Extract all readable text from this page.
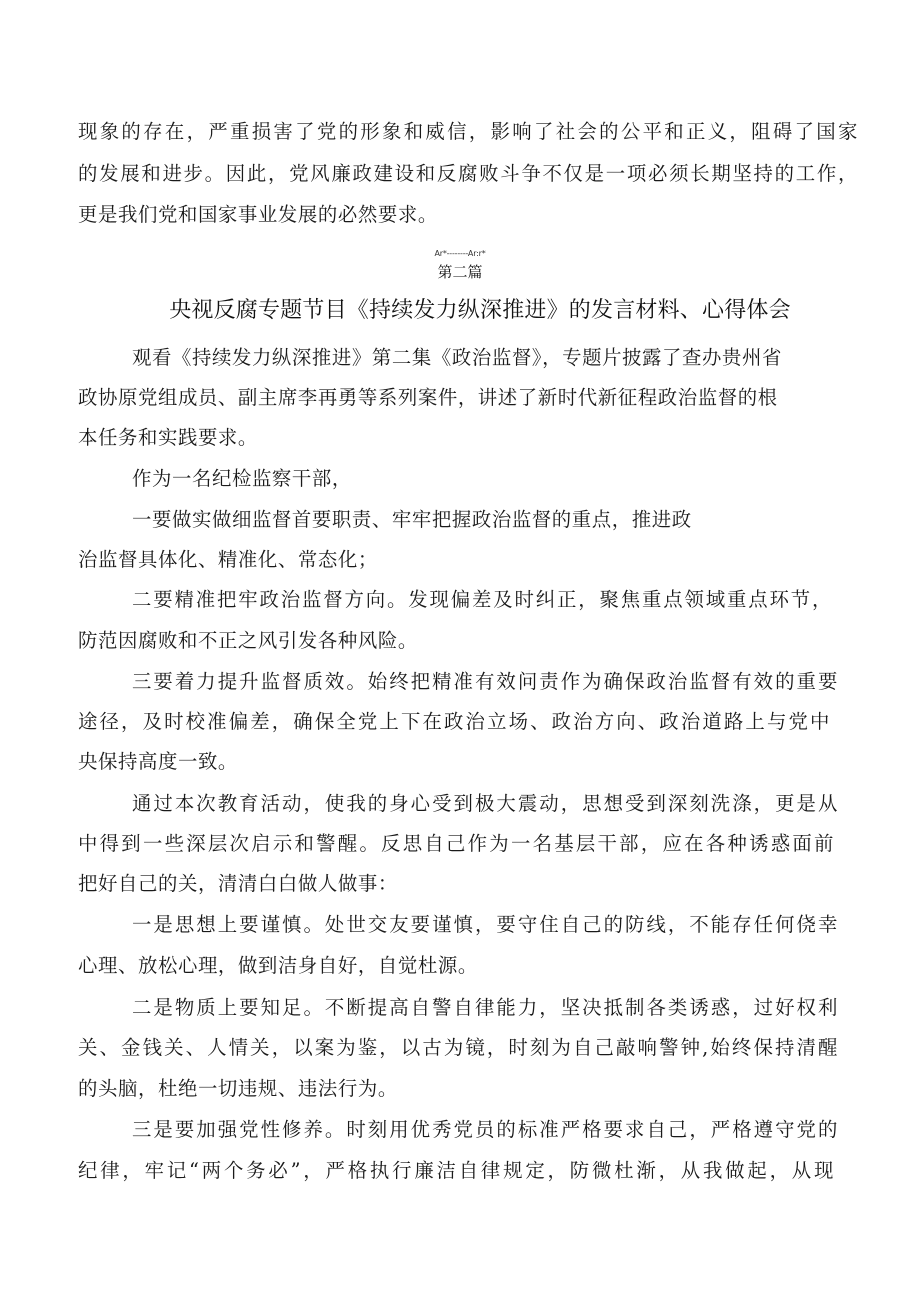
现象的存在，严重损害了党的形象和威信，影响了社会的公平和正义，阻碍了国家
的发展和进步。因此，党风廉政建设和反腐败斗争不仅是一项必须长期坚持的工作，
更是我们党和国家事业发展的必然要求。
Ar*--------Ar:r*
第二篇
央视反腐专题节目《持续发力纵深推进》的发言材料、心得体会
观看《持续发力纵深推进》第二集《政治监督》，专题片披露了查办贵州省
政协原党组成员、副主席李再勇等系列案件，讲述了新时代新征程政治监督的根
本任务和实践要求。
作为一名纪检监察干部，
一要做实做细监督首要职责、牢牢把握政治监督的重点，推进政
治监督具体化、精准化、常态化；
二要精准把牢政治监督方向。发现偏差及时纠正，聚焦重点领域重点环节，
防范因腐败和不正之风引发各种风险。
三要着力提升监督质效。始终把精准有效问责作为确保政治监督有效的重要
途径，及时校准偏差，确保全党上下在政治立场、政治方向、政治道路上与党中
央保持高度一致。
通过本次教育活动，使我的身心受到极大震动，思想受到深刻洗涤，更是从
中得到一些深层次启示和警醒。反思自己作为一名基层干部，应在各种诱惑面前
把好自己的关，清清白白做人做事：
一是思想上要谨慎。处世交友要谨慎，要守住自己的防线，不能存任何侥幸
心理、放松心理，做到洁身自好，自觉杜源。
二是物质上要知足。不断提高自警自律能力，坚决抵制各类诱惑，过好权利
关、金钱关、人情关，以案为鉴，以古为镜，时刻为自己敲响警钟,始终保持清醒
的头脑，杜绝一切违规、违法行为。
三是要加强党性修养。时刻用优秀党员的标准严格要求自己，严格遵守党的
纪律，牢记“两个务必”，严格执行廉洁自律规定，防微杜渐，从我做起，从现
